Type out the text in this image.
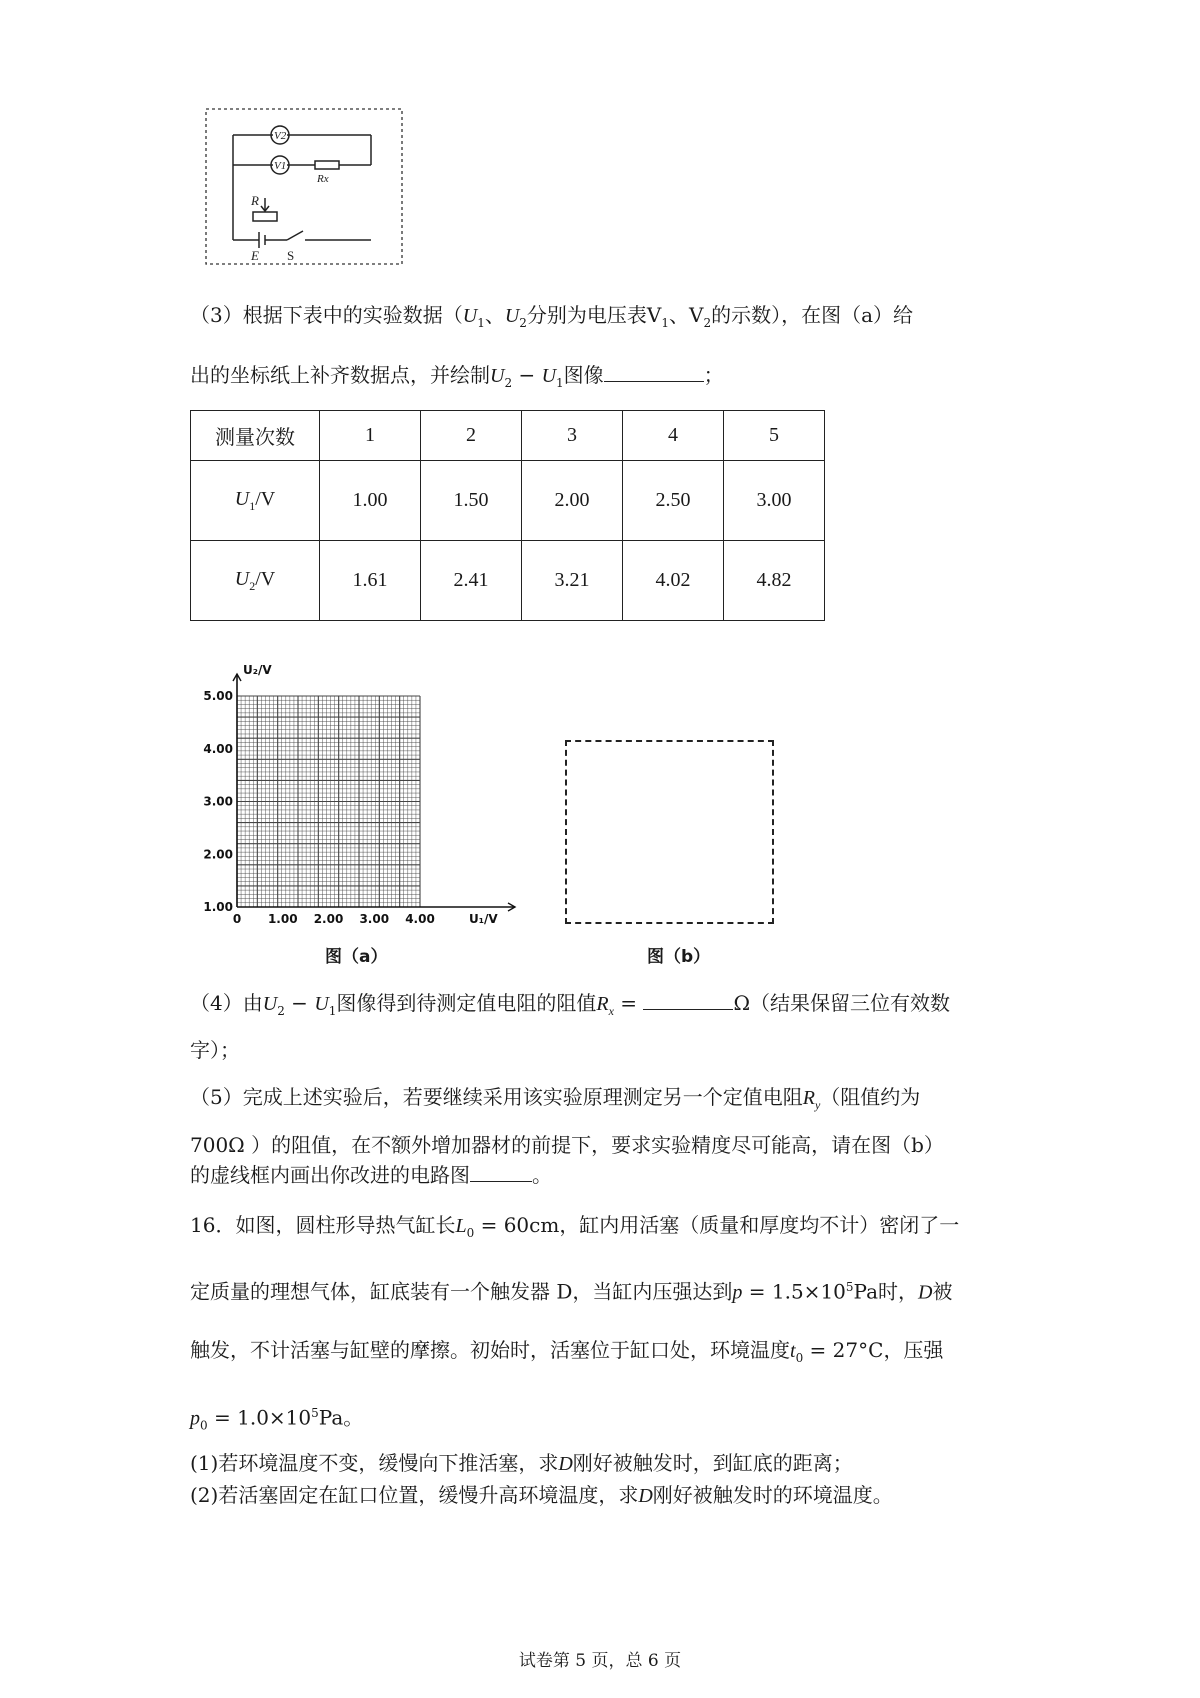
V2
V1
Rx
R
E S
（3）根据下表中的实验数据（$U_1$、$U_2$分别为电压表$V_1$、$V_2$的示数），在图（a）给
出的坐标纸上补齐数据点，并绘制$U_2 - U_1$图像	；
测量次数	1	2	3	4	5
$U_1/V$	1.00	1.50	2.00	2.50	3.00
$U_2/V$	1.61	2.41	3.21	4.02	4.82
1.00
2.00
3.00
4.00
5.00
0 1.00 2.00 3.00 4.00
U₂/V
U₁/V
图（a）	图（b）
（4）由$U_2 - U_1$图像得到待测定值电阻的阻值$R_x$ =	Ω（结果保留三位有效数
字）；
（5）完成上述实验后，若要继续采用该实验原理测定另一个定值电阻$R_y$（阻值约为
700Ω ）的阻值，在不额外增加器材的前提下，要求实验精度尽可能高，请在图（b）
的虚线框内画出你改进的电路图	。
16．如图，圆柱形导热气缸长$L_0 = 60cm$，缸内用活塞（质量和厚度均不计）密闭了一
定质量的理想气体，缸底装有一个触发器 D，当缸内压强达到$p = 1.5\times 10^5Pa$时，D被
触发，不计活塞与缸壁的摩擦。初始时，活塞位于缸口处，环境温度$t_0 = 27^\circ C$，压强
$p_0 = 1.0\times 10^5Pa$。
(1)若环境温度不变，缓慢向下推活塞，求D刚好被触发时，到缸底的距离；
(2)若活塞固定在缸口位置，缓慢升高环境温度，求D刚好被触发时的环境温度。
试卷第 5 页，总 6 页
